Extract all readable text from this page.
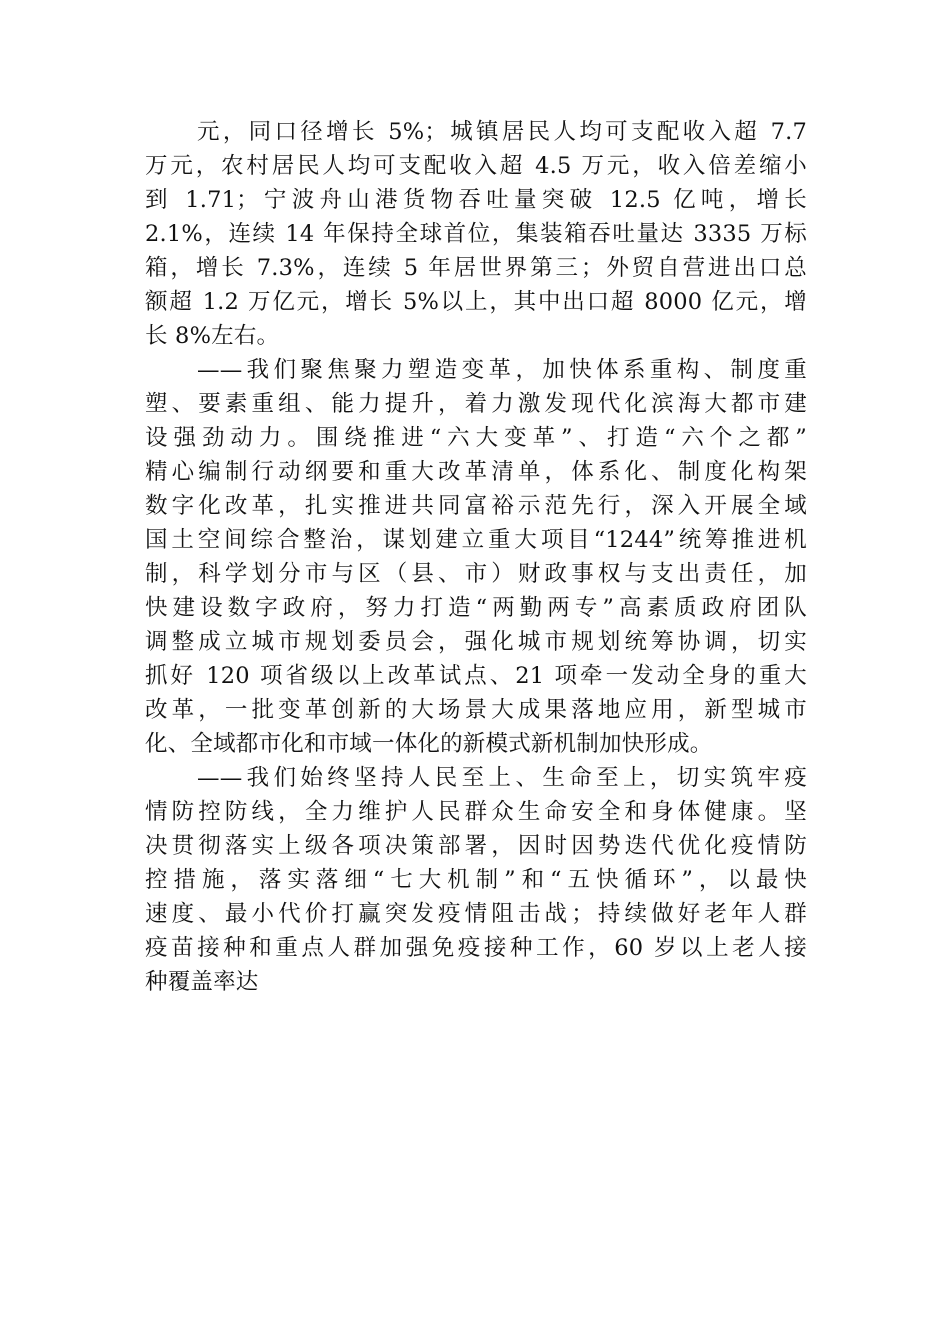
元，同口径增长 5%；城镇居民人均可支配收入超 7.7
万元，农村居民人均可支配收入超 4.5 万元，收入倍差缩小
到 1.71；宁波舟山港货物吞吐量突破 12.5 亿吨，增长
2.1%，连续 14 年保持全球首位，集装箱吞吐量达 3335 万标
箱，增长 7.3%，连续 5 年居世界第三；外贸自营进出口总
额超 1.2 万亿元，增长 5%以上，其中出口超 8000 亿元，增
长 8%左右。
——我们聚焦聚力塑造变革，加快体系重构、制度重
塑、要素重组、能力提升，着力激发现代化滨海大都市建
设强劲动力。围绕推进“六大变革”、打造“六个之都”
精心编制行动纲要和重大改革清单，体系化、制度化构架
数字化改革，扎实推进共同富裕示范先行，深入开展全域
国土空间综合整治，谋划建立重大项目“1244”统筹推进机
制，科学划分市与区（县、市）财政事权与支出责任，加
快建设数字政府，努力打造“两勤两专”高素质政府团队
调整成立城市规划委员会，强化城市规划统筹协调，切实
抓好 120 项省级以上改革试点、21 项牵一发动全身的重大
改革，一批变革创新的大场景大成果落地应用，新型城市
化、全域都市化和市域一体化的新模式新机制加快形成。
——我们始终坚持人民至上、生命至上，切实筑牢疫
情防控防线，全力维护人民群众生命安全和身体健康。坚
决贯彻落实上级各项决策部署，因时因势迭代优化疫情防
控措施，落实落细“七大机制”和“五快循环”，以最快
速度、最小代价打赢突发疫情阻击战；持续做好老年人群
疫苗接种和重点人群加强免疫接种工作，60 岁以上老人接
种覆盖率达
